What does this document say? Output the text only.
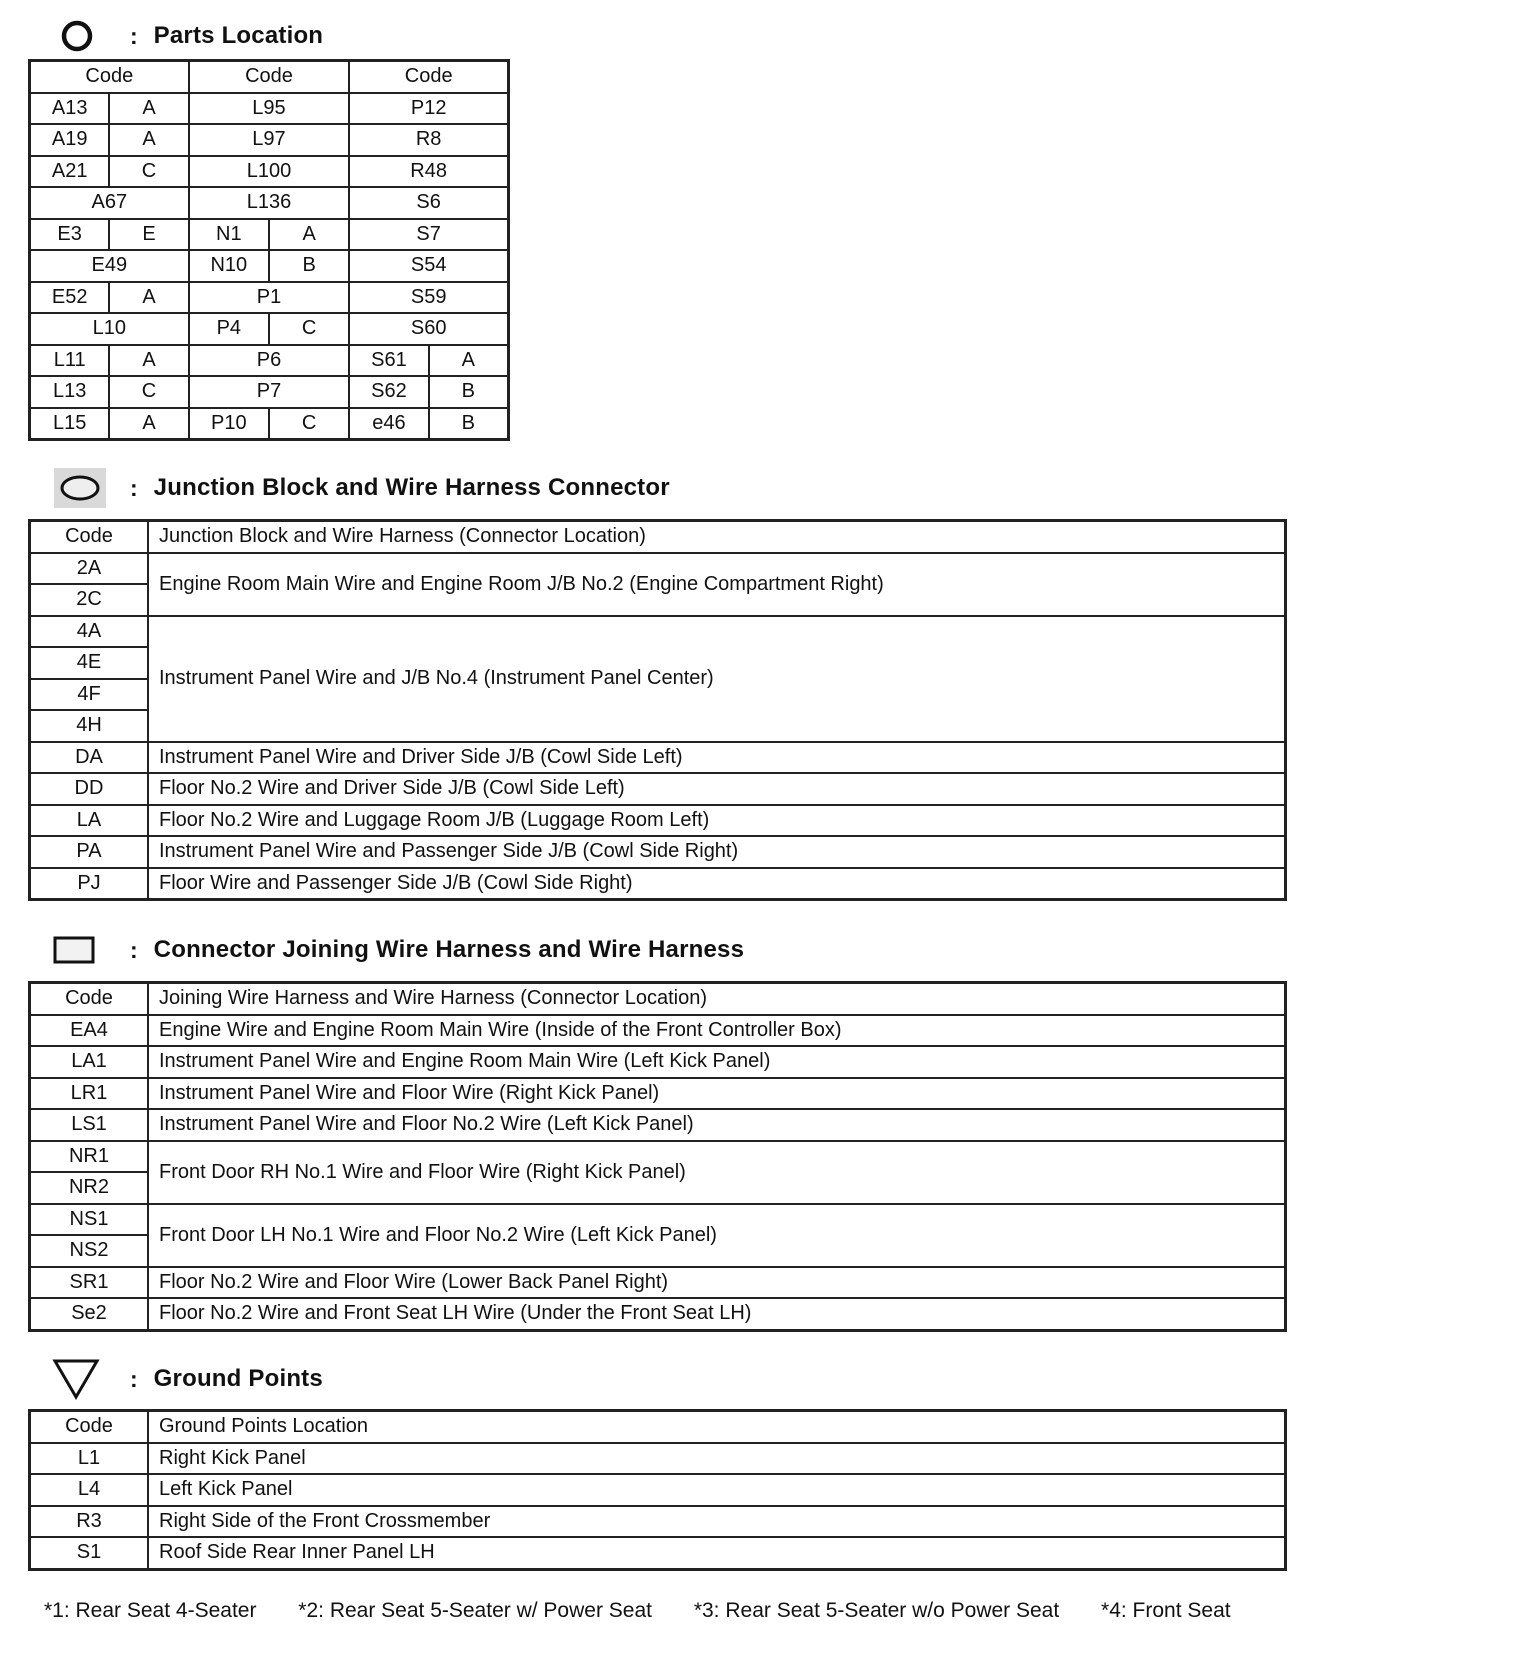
: Parts Location
Code		Code		Code	
A13	A	L95		P12	
A19	A	L97		R8	
A21	C	L100		R48	
A67		L136		S6	
E3	E	N1	A	S7	
E49		N10	B	S54	
E52	A	P1		S59	
L10		P4	C	S60	
L11	A	P6		S61	A
L13	C	P7		S62	B
L15	A	P10	C	e46	B
: Junction Block and Wire Harness Connector
Code	Junction Block and Wire Harness (Connector Location)
2A	Engine Room Main Wire and Engine Room J/B No.2 (Engine Compartment Right)
2C	
4A	Instrument Panel Wire and J/B No.4 (Instrument Panel Center)
4E	
4F	
4H	
DA	Instrument Panel Wire and Driver Side J/B (Cowl Side Left)
DD	Floor No.2 Wire and Driver Side J/B (Cowl Side Left)
LA	Floor No.2 Wire and Luggage Room J/B (Luggage Room Left)
PA	Instrument Panel Wire and Passenger Side J/B (Cowl Side Right)
PJ	Floor Wire and Passenger Side J/B (Cowl Side Right)
: Connector Joining Wire Harness and Wire Harness
Code	Joining Wire Harness and Wire Harness (Connector Location)
EA4	Engine Wire and Engine Room Main Wire (Inside of the Front Controller Box)
LA1	Instrument Panel Wire and Engine Room Main Wire (Left Kick Panel)
LR1	Instrument Panel Wire and Floor Wire (Right Kick Panel)
LS1	Instrument Panel Wire and Floor No.2 Wire (Left Kick Panel)
NR1	Front Door RH No.1 Wire and Floor Wire (Right Kick Panel)
NR2	
NS1	Front Door LH No.1 Wire and Floor No.2 Wire (Left Kick Panel)
NS2	
SR1	Floor No.2 Wire and Floor Wire (Lower Back Panel Right)
Se2	Floor No.2 Wire and Front Seat LH Wire (Under the Front Seat LH)
: Ground Points
Code	Ground Points Location
L1	Right Kick Panel
L4	Left Kick Panel
R3	Right Side of the Front Crossmember
S1	Roof Side Rear Inner Panel LH
*1: Rear Seat 4-Seater *2: Rear Seat 5-Seater w/ Power Seat *3: Rear Seat 5-Seater w/o Power Seat *4: Front Seat
